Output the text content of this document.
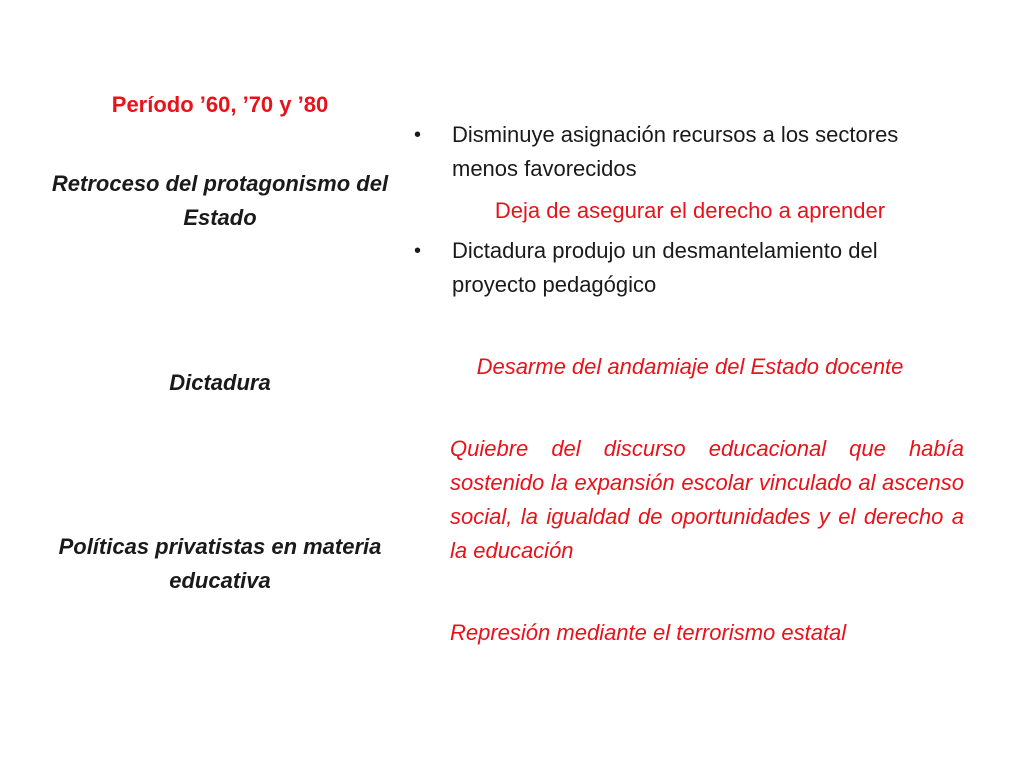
Período ’60, ’70 y ’80
Retroceso del protagonismo del Estado
Dictadura
Políticas privatistas en materia educativa
•	Disminuye asignación recursos a los sectores menos favorecidos
Deja de asegurar el derecho a aprender
•	Dictadura produjo un desmantelamiento del proyecto pedagógico
Desarme del andamiaje del Estado docente
Quiebre del discurso educacional que había sostenido la expansión escolar vinculado al ascenso social, la igualdad de oportunidades y el derecho a la educación
Represión mediante el terrorismo estatal
